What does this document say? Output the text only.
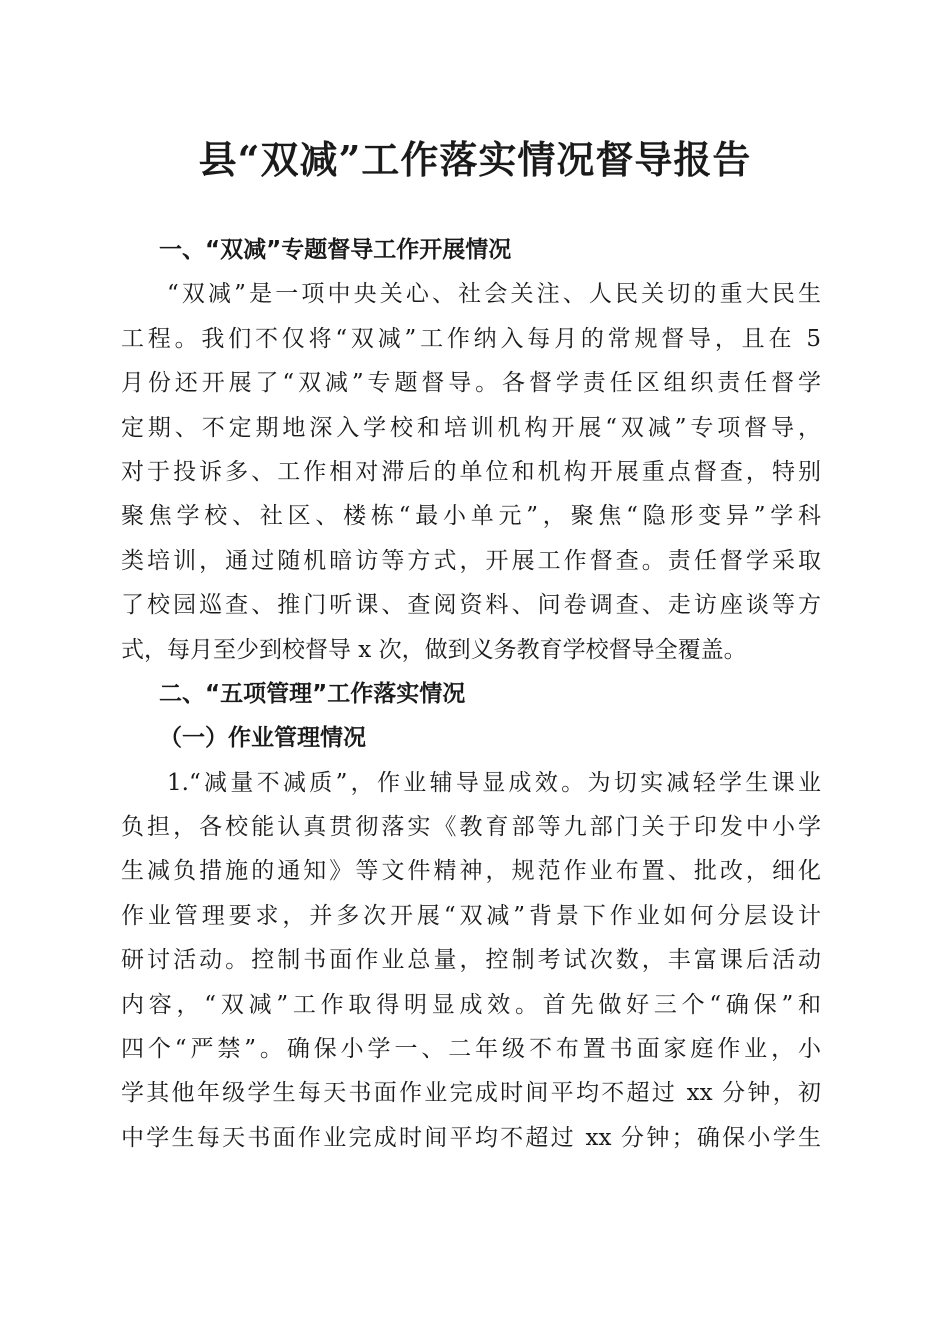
县“双减”工作落实情况督导报告
一、“双减”专题督导工作开展情况

“双减”是一项中央关心、社会关注、人民关切的重大民生
工程。我们不仅将“双减”工作纳入每月的常规督导，且在 5
月份还开展了“双减”专题督导。各督学责任区组织责任督学
定期、不定期地深入学校和培训机构开展“双减”专项督导，
对于投诉多、工作相对滞后的单位和机构开展重点督查，特别
聚焦学校、社区、楼栋“最小单元”，聚焦“隐形变异”学科
类培训，通过随机暗访等方式，开展工作督查。责任督学采取
了校园巡查、推门听课、查阅资料、问卷调查、走访座谈等方
式，每月至少到校督导 x 次，做到义务教育学校督导全覆盖。

二、“五项管理”工作落实情况
（一）作业管理情况

1.“减量不减质”，作业辅导显成效。为切实减轻学生课业
负担，各校能认真贯彻落实《教育部等九部门关于印发中小学
生减负措施的通知》等文件精神，规范作业布置、批改，细化
作业管理要求，并多次开展“双减”背景下作业如何分层设计
研讨活动。控制书面作业总量，控制考试次数，丰富课后活动
内容，“双减”工作取得明显成效。首先做好三个“确保”和
四个“严禁”。确保小学一、二年级不布置书面家庭作业，小
学其他年级学生每天书面作业完成时间平均不超过 xx 分钟，初
中学生每天书面作业完成时间平均不超过 xx 分钟；确保小学生
